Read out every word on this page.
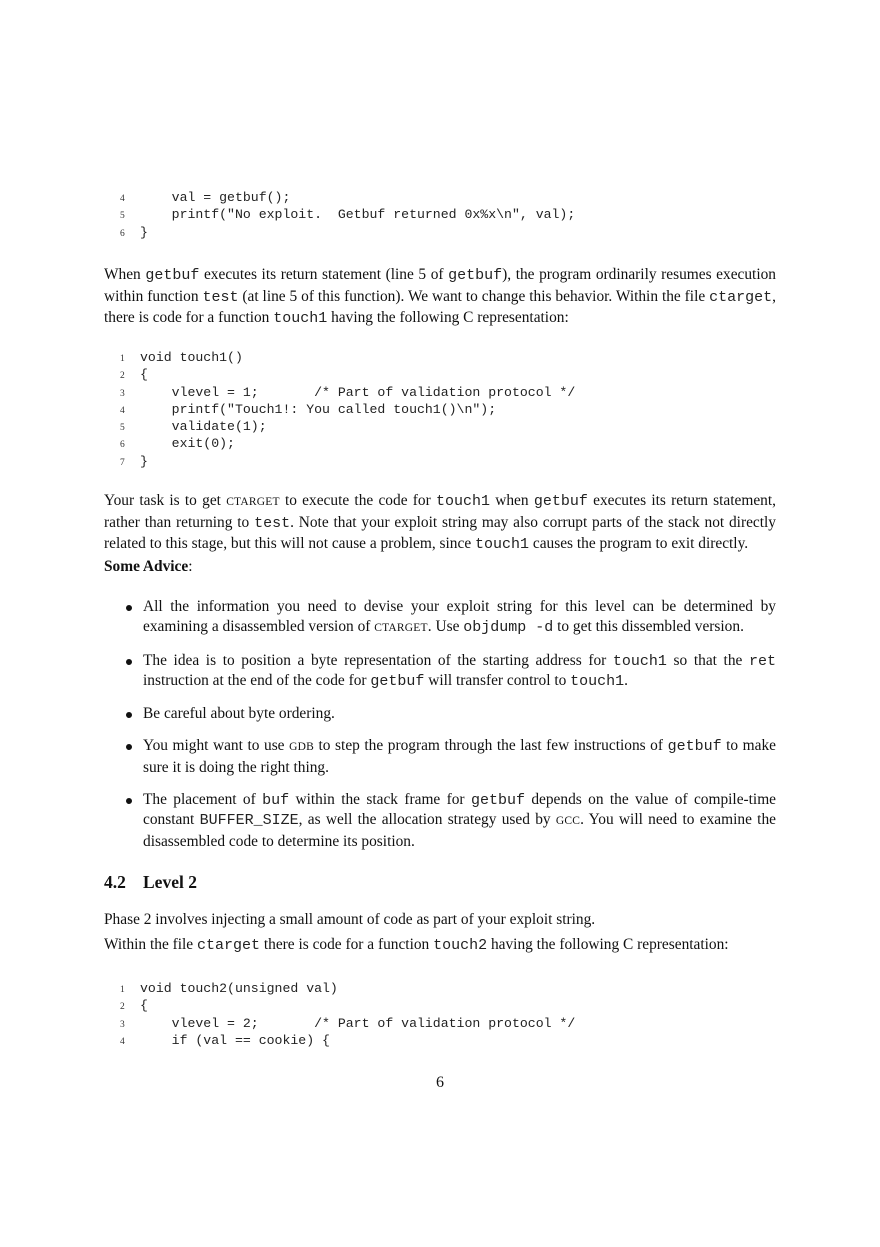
4    val = getbuf();
5    printf("No exploit.  Getbuf returned 0x%x\n", val);
6 }

When getbuf executes its return statement (line 5 of getbuf), the program ordinarily resumes execution within function test (at line 5 of this function). We want to change this behavior. Within the file ctarget, there is code for a function touch1 having the following C representation:

1 void touch1()
2 {
3    vlevel = 1;       /* Part of validation protocol */
4    printf("Touch1!: You called touch1()\n");
5    validate(1);
6    exit(0);
7 }

Your task is to get CTARGET to execute the code for touch1 when getbuf executes its return statement, rather than returning to test. Note that your exploit string may also corrupt parts of the stack not directly related to this stage, but this will not cause a problem, since touch1 causes the program to exit directly.

Some Advice:

All the information you need to devise your exploit string for this level can be determined by examining a disassembled version of CTARGET. Use objdump -d to get this dissembled version.
The idea is to position a byte representation of the starting address for touch1 so that the ret instruction at the end of the code for getbuf will transfer control to touch1.
Be careful about byte ordering.
You might want to use GDB to step the program through the last few instructions of getbuf to make sure it is doing the right thing.
The placement of buf within the stack frame for getbuf depends on the value of compile-time constant BUFFER_SIZE, as well the allocation strategy used by GCC. You will need to examine the disassembled code to determine its position.
4.2 Level 2

Phase 2 involves injecting a small amount of code as part of your exploit string.

Within the file ctarget there is code for a function touch2 having the following C representation:

1 void touch2(unsigned val)
2 {
3    vlevel = 2;       /* Part of validation protocol */
4    if (val == cookie) {
6
